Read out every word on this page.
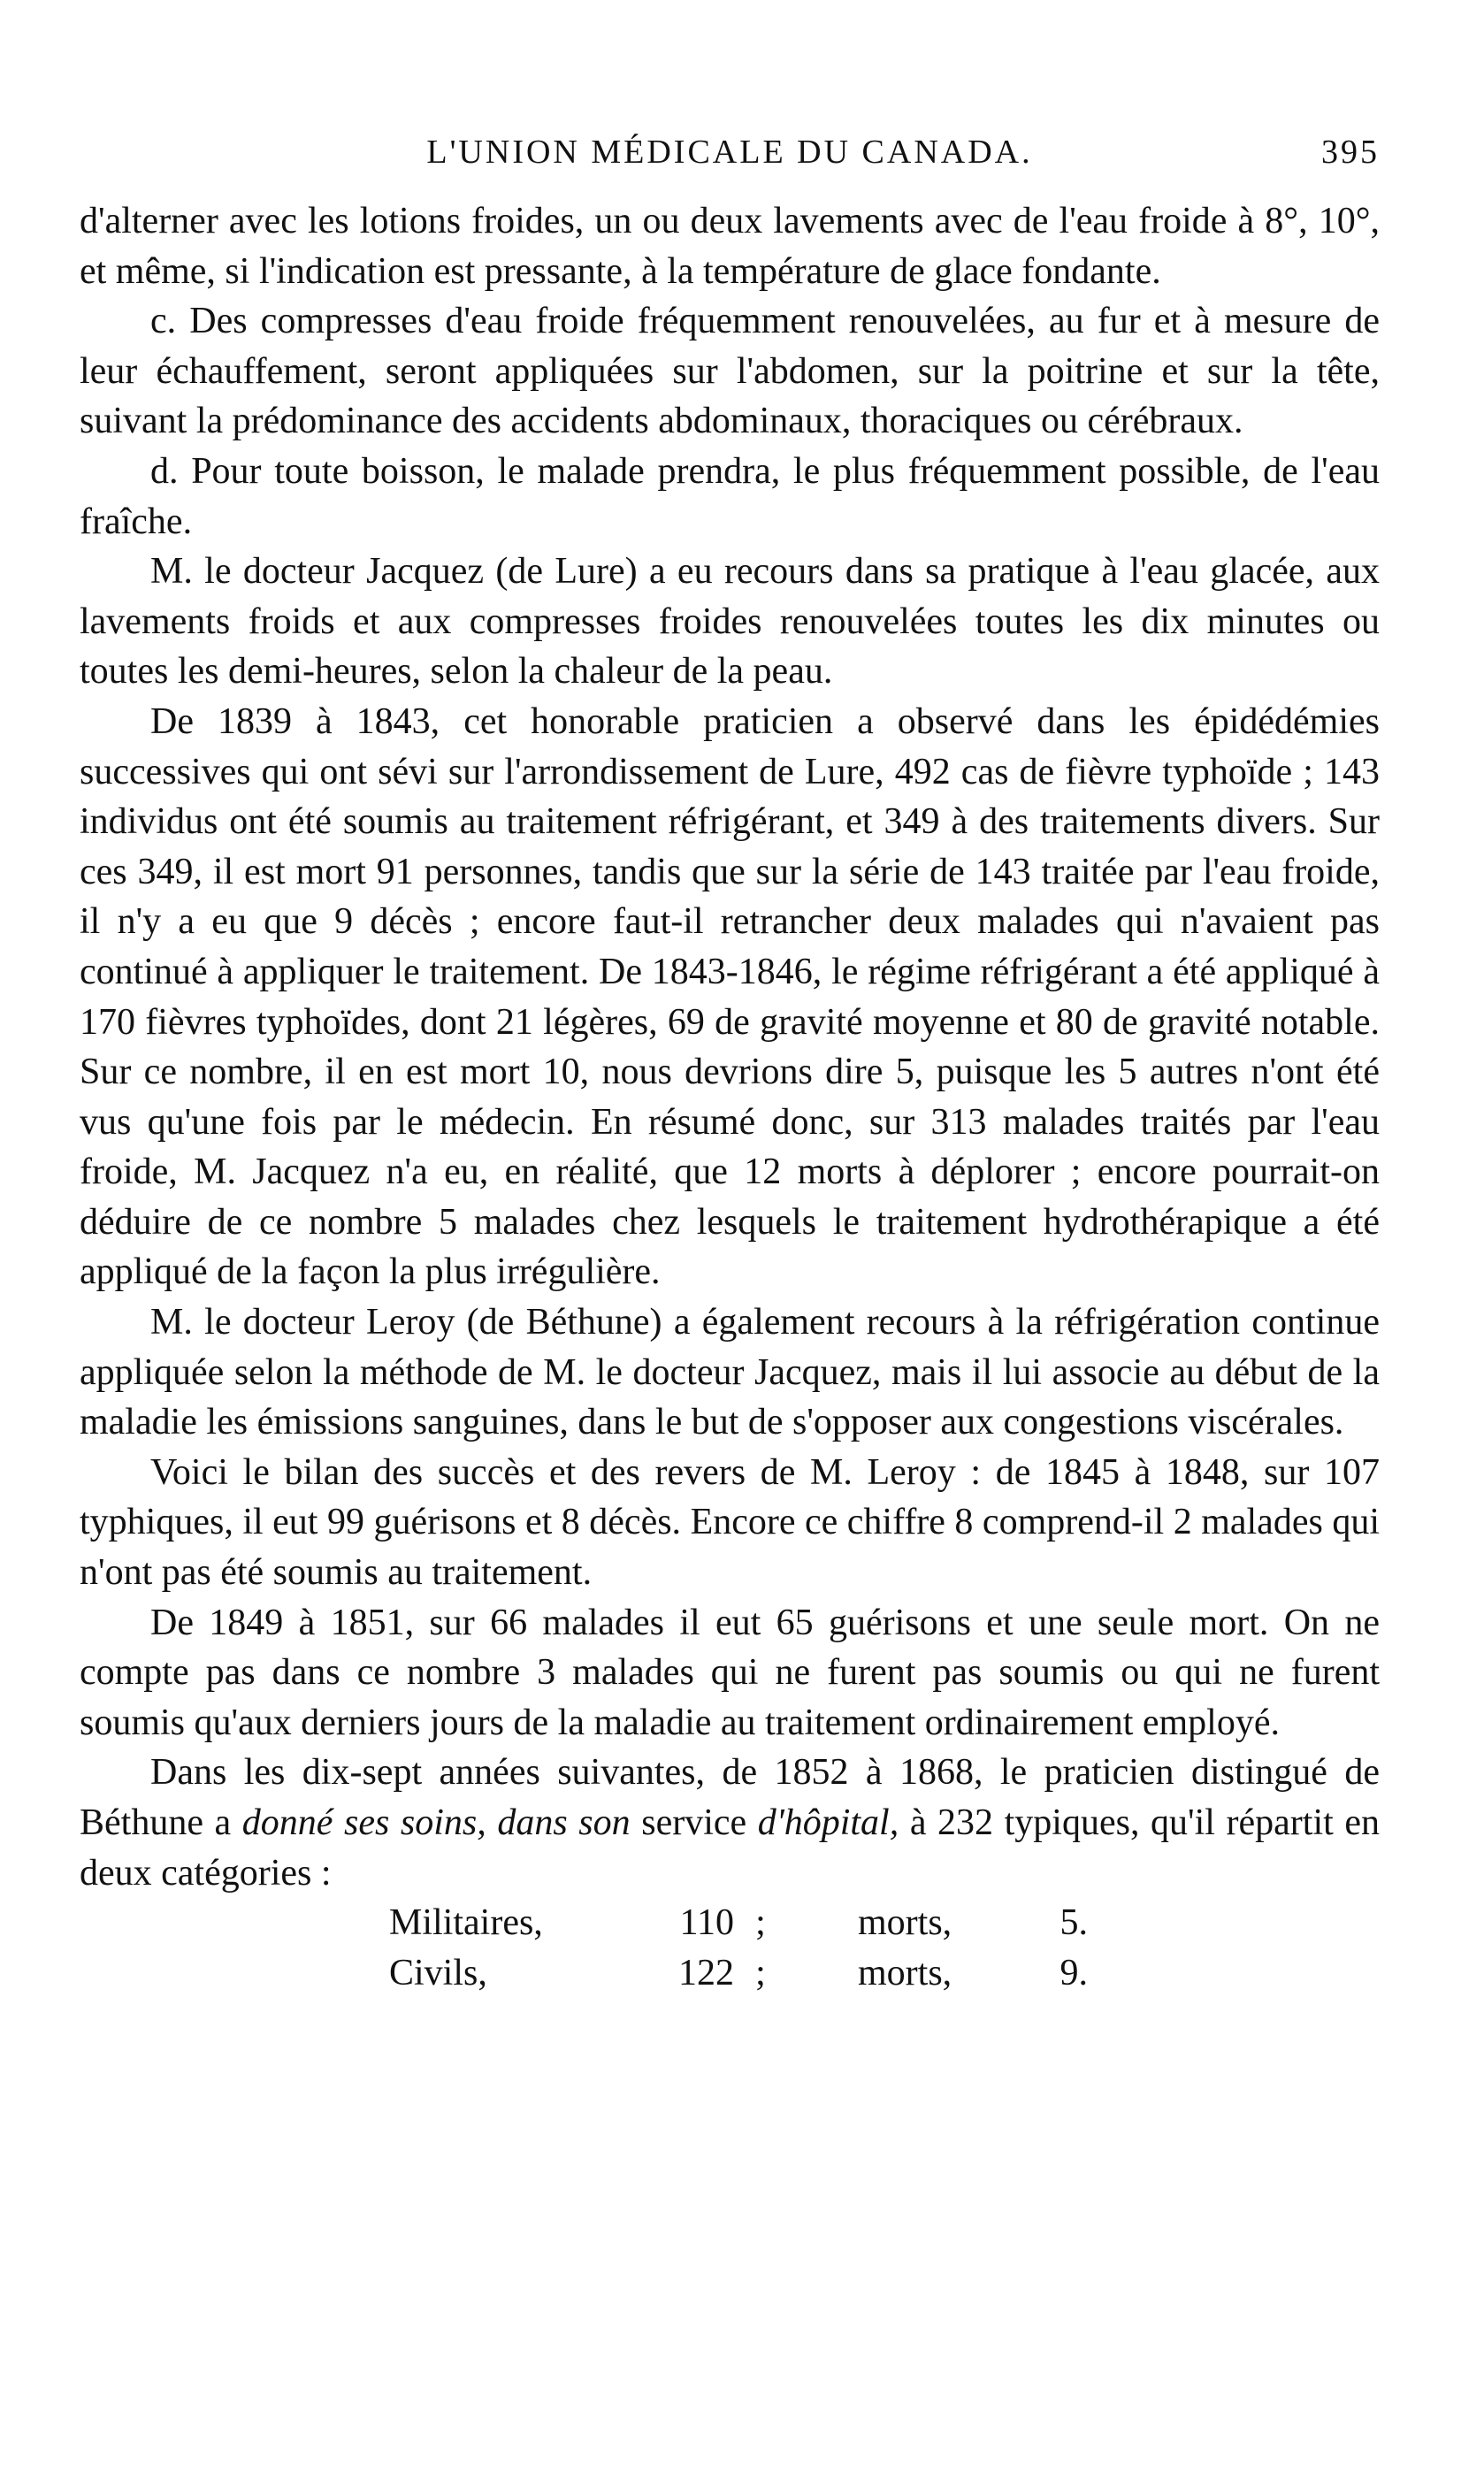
L'UNION MÉDICALE DU CANADA.	395

d'alterner avec les lotions froides, un ou deux lavements avec de l'eau froide à 8°, 10°, et même, si l'indication est pressante, à la température de glace fondante.

c. Des compresses d'eau froide fréquemment renouvelées, au fur et à mesure de leur échauffement, seront appliquées sur l'abdomen, sur la poitrine et sur la tête, suivant la prédominance des accidents abdominaux, thoraciques ou cérébraux.

d. Pour toute boisson, le malade prendra, le plus fréquemment possible, de l'eau fraîche.

M. le docteur Jacquez (de Lure) a eu recours dans sa pratique à l'eau glacée, aux lavements froids et aux compresses froides renouvelées toutes les dix minutes ou toutes les demi-heures, selon la chaleur de la peau.

De 1839 à 1843, cet honorable praticien a observé dans les épidédémies successives qui ont sévi sur l'arrondissement de Lure, 492 cas de fièvre typhoïde ; 143 individus ont été soumis au traitement réfrigérant, et 349 à des traitements divers. Sur ces 349, il est mort 91 personnes, tandis que sur la série de 143 traitée par l'eau froide, il n'y a eu que 9 décès ; encore faut-il retrancher deux malades qui n'avaient pas continué à appliquer le traitement. De 1843-1846, le régime réfrigérant a été appliqué à 170 fièvres typhoïdes, dont 21 légères, 69 de gravité moyenne et 80 de gravité notable. Sur ce nombre, il en est mort 10, nous devrions dire 5, puisque les 5 autres n'ont été vus qu'une fois par le médecin. En résumé donc, sur 313 malades traités par l'eau froide, M. Jacquez n'a eu, en réalité, que 12 morts à déplorer ; encore pourrait-on déduire de ce nombre 5 malades chez lesquels le traitement hydrothérapique a été appliqué de la façon la plus irrégulière.

M. le docteur Leroy (de Béthune) a également recours à la réfrigération continue appliquée selon la méthode de M. le docteur Jacquez, mais il lui associe au début de la maladie les émissions sanguines, dans le but de s'opposer aux congestions viscérales.

Voici le bilan des succès et des revers de M. Leroy : de 1845 à 1848, sur 107 typhiques, il eut 99 guérisons et 8 décès. Encore ce chiffre 8 comprend-il 2 malades qui n'ont pas été soumis au traitement.

De 1849 à 1851, sur 66 malades il eut 65 guérisons et une seule mort. On ne compte pas dans ce nombre 3 malades qui ne furent pas soumis ou qui ne furent soumis qu'aux derniers jours de la maladie au traitement ordinairement employé.

Dans les dix-sept années suivantes, de 1852 à 1868, le praticien distingué de Béthune a donné ses soins, dans son service d'hôpital, à 232 typiques, qu'il répartit en deux catégories :

Militaires,	110 ;	morts,	5.
Civils,	122 ;	morts,	9.
